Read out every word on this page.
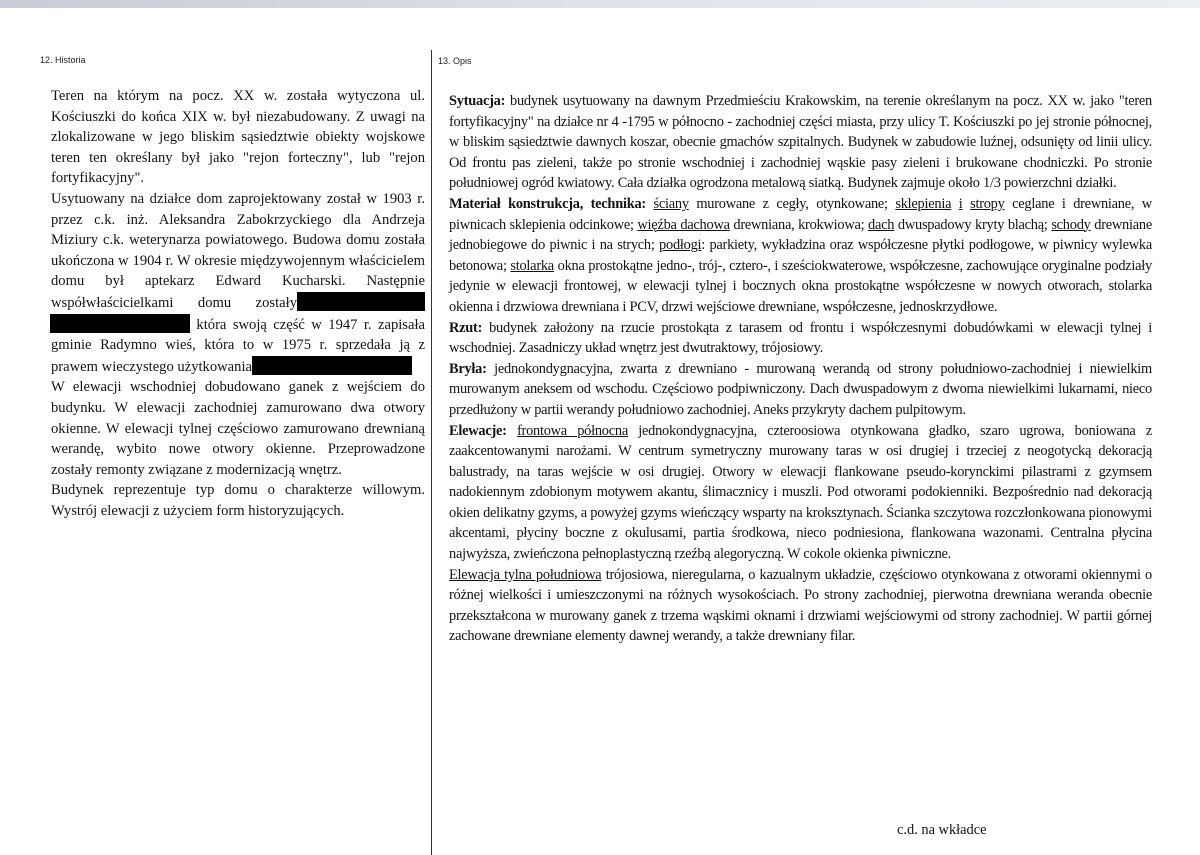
12. Historia	13. Opis

Teren na którym na pocz. XX w. została wytyczona ul. Kościuszki do końca XIX w. był niezabudowany. Z uwagi na zlokalizowane w jego bliskim sąsiedztwie obiekty wojskowe teren ten określany był jako "rejon forteczny", lub "rejon fortyfikacyjny".

Usytuowany na działce dom zaprojektowany został w 1903 r. przez c.k. inż. Aleksandra Zabokrzyckiego dla Andrzeja Miziury c.k. weterynarza powiatowego. Budowa domu została ukończona w 1904 r. W okresie międzywojennym właścicielem domu był aptekarz Edward Kucharski. Następnie współwłaścicielkami domu zostały  która swoją część w 1947 r. zapisała gminie Radymno wieś, która to w 1975 r. sprzedała ją z prawem wieczystego użytkowania

W elewacji wschodniej dobudowano ganek z wejściem do budynku. W elewacji zachodniej zamurowano dwa otwory okienne. W elewacji tylnej częściowo zamurowano drewnianą werandę, wybito nowe otwory okienne. Przeprowadzone zostały remonty związane z modernizacją wnętrz.

Budynek reprezentuje typ domu o charakterze willowym. Wystrój elewacji z użyciem form historyzujących.

Sytuacja: budynek usytuowany na dawnym Przedmieściu Krakowskim, na terenie określanym na pocz. XX w. jako "teren fortyfikacyjny" na działce nr 4 -1795 w północno - zachodniej części miasta, przy ulicy T. Kościuszki po jej stronie północnej, w bliskim sąsiedztwie dawnych koszar, obecnie gmachów szpitalnych. Budynek w zabudowie luźnej, odsunięty od linii ulicy. Od frontu pas zieleni, także po stronie wschodniej i zachodniej wąskie pasy zieleni i brukowane chodniczki. Po stronie południowej ogród kwiatowy. Cała działka ogrodzona metalową siatką. Budynek zajmuje około 1/3 powierzchni działki.

Materiał konstrukcja, technika: ściany murowane z cegły, otynkowane; sklepienia i stropy ceglane i drewniane, w piwnicach sklepienia odcinkowe; więźba dachowa drewniana, krokwiowa; dach dwuspadowy kryty blachą; schody drewniane jednobiegowe do piwnic i na strych; podłogi: parkiety, wykładzina oraz współczesne płytki podłogowe, w piwnicy wylewka betonowa; stolarka okna prostokątne jedno-, trój-, cztero-, i sześciokwaterowe, współczesne, zachowujące oryginalne podziały jedynie w elewacji frontowej, w elewacji tylnej i bocznych okna prostokątne współczesne w nowych otworach, stolarka okienna i drzwiowa drewniana i PCV, drzwi wejściowe drewniane, współczesne, jednoskrzydłowe.

Rzut: budynek założony na rzucie prostokąta z tarasem od frontu i współczesnymi dobudówkami w elewacji tylnej i wschodniej. Zasadniczy układ wnętrz jest dwutraktowy, trójosiowy.

Bryła: jednokondygnacyjna, zwarta z drewniano - murowaną werandą od strony południowo-zachodniej i niewielkim murowanym aneksem od wschodu. Częściowo podpiwniczony. Dach dwuspadowym z dwoma niewielkimi lukarnami, nieco przedłużony w partii werandy południowo zachodniej. Aneks przykryty dachem pulpitowym.

Elewacje: frontowa północna jednokondygnacyjna, czteroosiowa otynkowana gładko, szaro ugrowa, boniowana z zaakcentowanymi narożami. W centrum symetryczny murowany taras w osi drugiej i trzeciej z neogotycką dekoracją balustrady, na taras wejście w osi drugiej. Otwory w elewacji flankowane pseudo-korynckimi pilastrami z gzymsem nadokiennym zdobionym motywem akantu, ślimacznicy i muszli. Pod otworami podokienniki. Bezpośrednio nad dekoracją okien delikatny gzyms, a powyżej gzyms wieńczący wsparty na kroksztynach. Ścianka szczytowa rozczłonkowana pionowymi akcentami, płyciny boczne z okulusami, partia środkowa, nieco podniesiona, flankowana wazonami. Centralna płycina najwyższa, zwieńczona pełnoplastyczną rzeźbą alegoryczną. W cokole okienka piwniczne.

Elewacja tylna południowa trójosiowa, nieregularna, o kazualnym układzie, częściowo otynkowana z otworami okiennymi o różnej wielkości i umieszczonymi na różnych wysokościach. Po strony zachodniej, pierwotna drewniana weranda obecnie przekształcona w murowany ganek z trzema wąskimi oknami i drzwiami wejściowymi od strony zachodniej. W partii górnej zachowane drewniane elementy dawnej werandy, a także drewniany filar.

c.d. na wkładce
